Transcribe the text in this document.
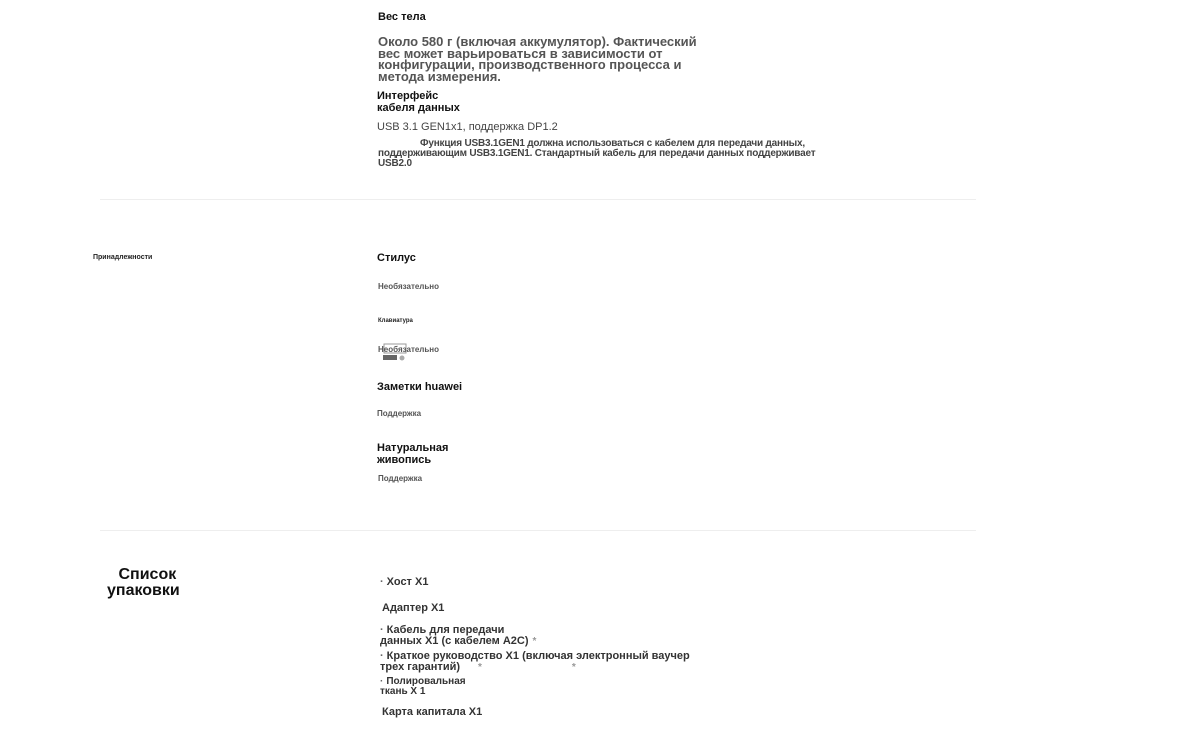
Вес тела
Около 580 г (включая аккумулятор). Фактический вес может варьироваться в зависимости от конфигурации, производственного процесса и метода измерения.
Интерфейс
кабеля данных
USB 3.1 GEN1x1, поддержка DP1.2
Функция USB3.1GEN1 должна использоваться с кабелем для передачи данных,
поддерживающим USB3.1GEN1. Стандартный кабель для передачи данных поддерживает USB2.0
Принадлежности	Стилус
Необязательно
Клавиатура
Необязательно
Заметки huawei
Поддержка
Натуральная
живопись
Поддержка
Список
упаковки	· Хост X1
Адаптер X1
· Кабель для передачи
данных X1 (с кабелем A2C) *
· Краткое руководство X1 (включая электронный ваучер
трех гарантий) *	*
· Полировальная
ткань X 1
Карта капитала X1
